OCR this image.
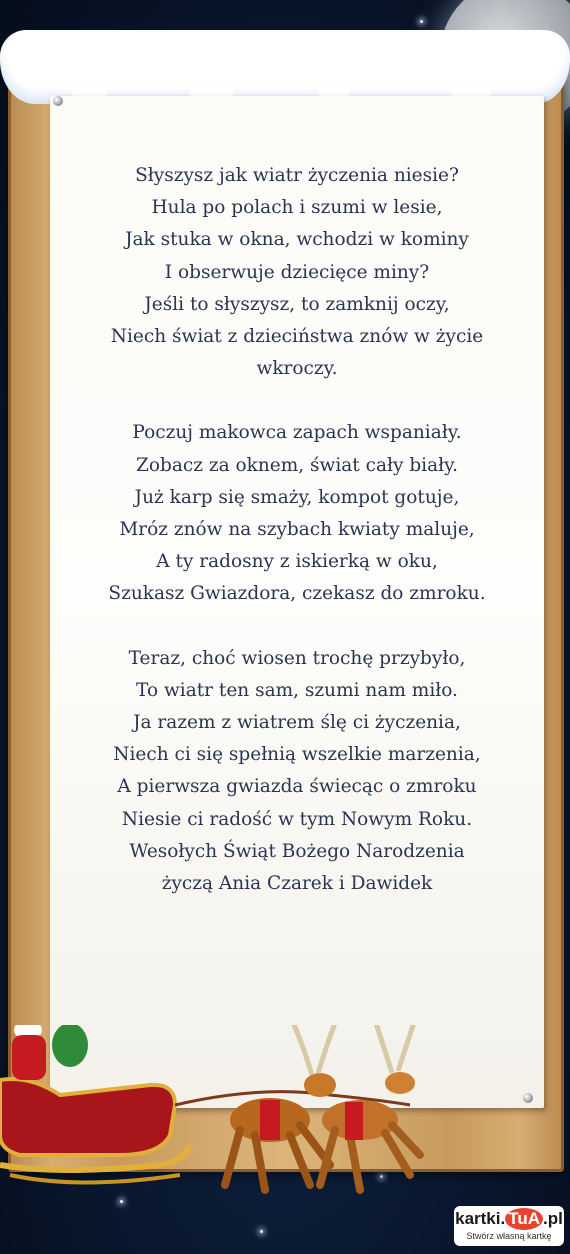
Słyszysz jak wiatr życzenia niesie?
Hula po polach i szumi w lesie,
Jak stuka w okna, wchodzi w kominy
I obserwuje dziecięce miny?
Jeśli to słyszysz, to zamknij oczy,
Niech świat z dzieciństwa znów w życie
wkroczy.
Poczuj makowca zapach wspaniały.
Zobacz za oknem, świat cały biały.
Już karp się smaży, kompot gotuje,
Mróz znów na szybach kwiaty maluje,
A ty radosny z iskierką w oku,
Szukasz Gwiazdora, czekasz do zmroku.
Teraz, choć wiosen trochę przybyło,
To wiatr ten sam, szumi nam miło.
Ja razem z wiatrem ślę ci życzenia,
Niech ci się spełnią wszelkie marzenia,
A pierwsza gwiazda świecąc o zmroku
Niesie ci radość w tym Nowym Roku.
Wesołych Świąt Bożego Narodzenia
życzą Ania Czarek i Dawidek
kartki. TuA .pl
Stwórz własną kartkę
